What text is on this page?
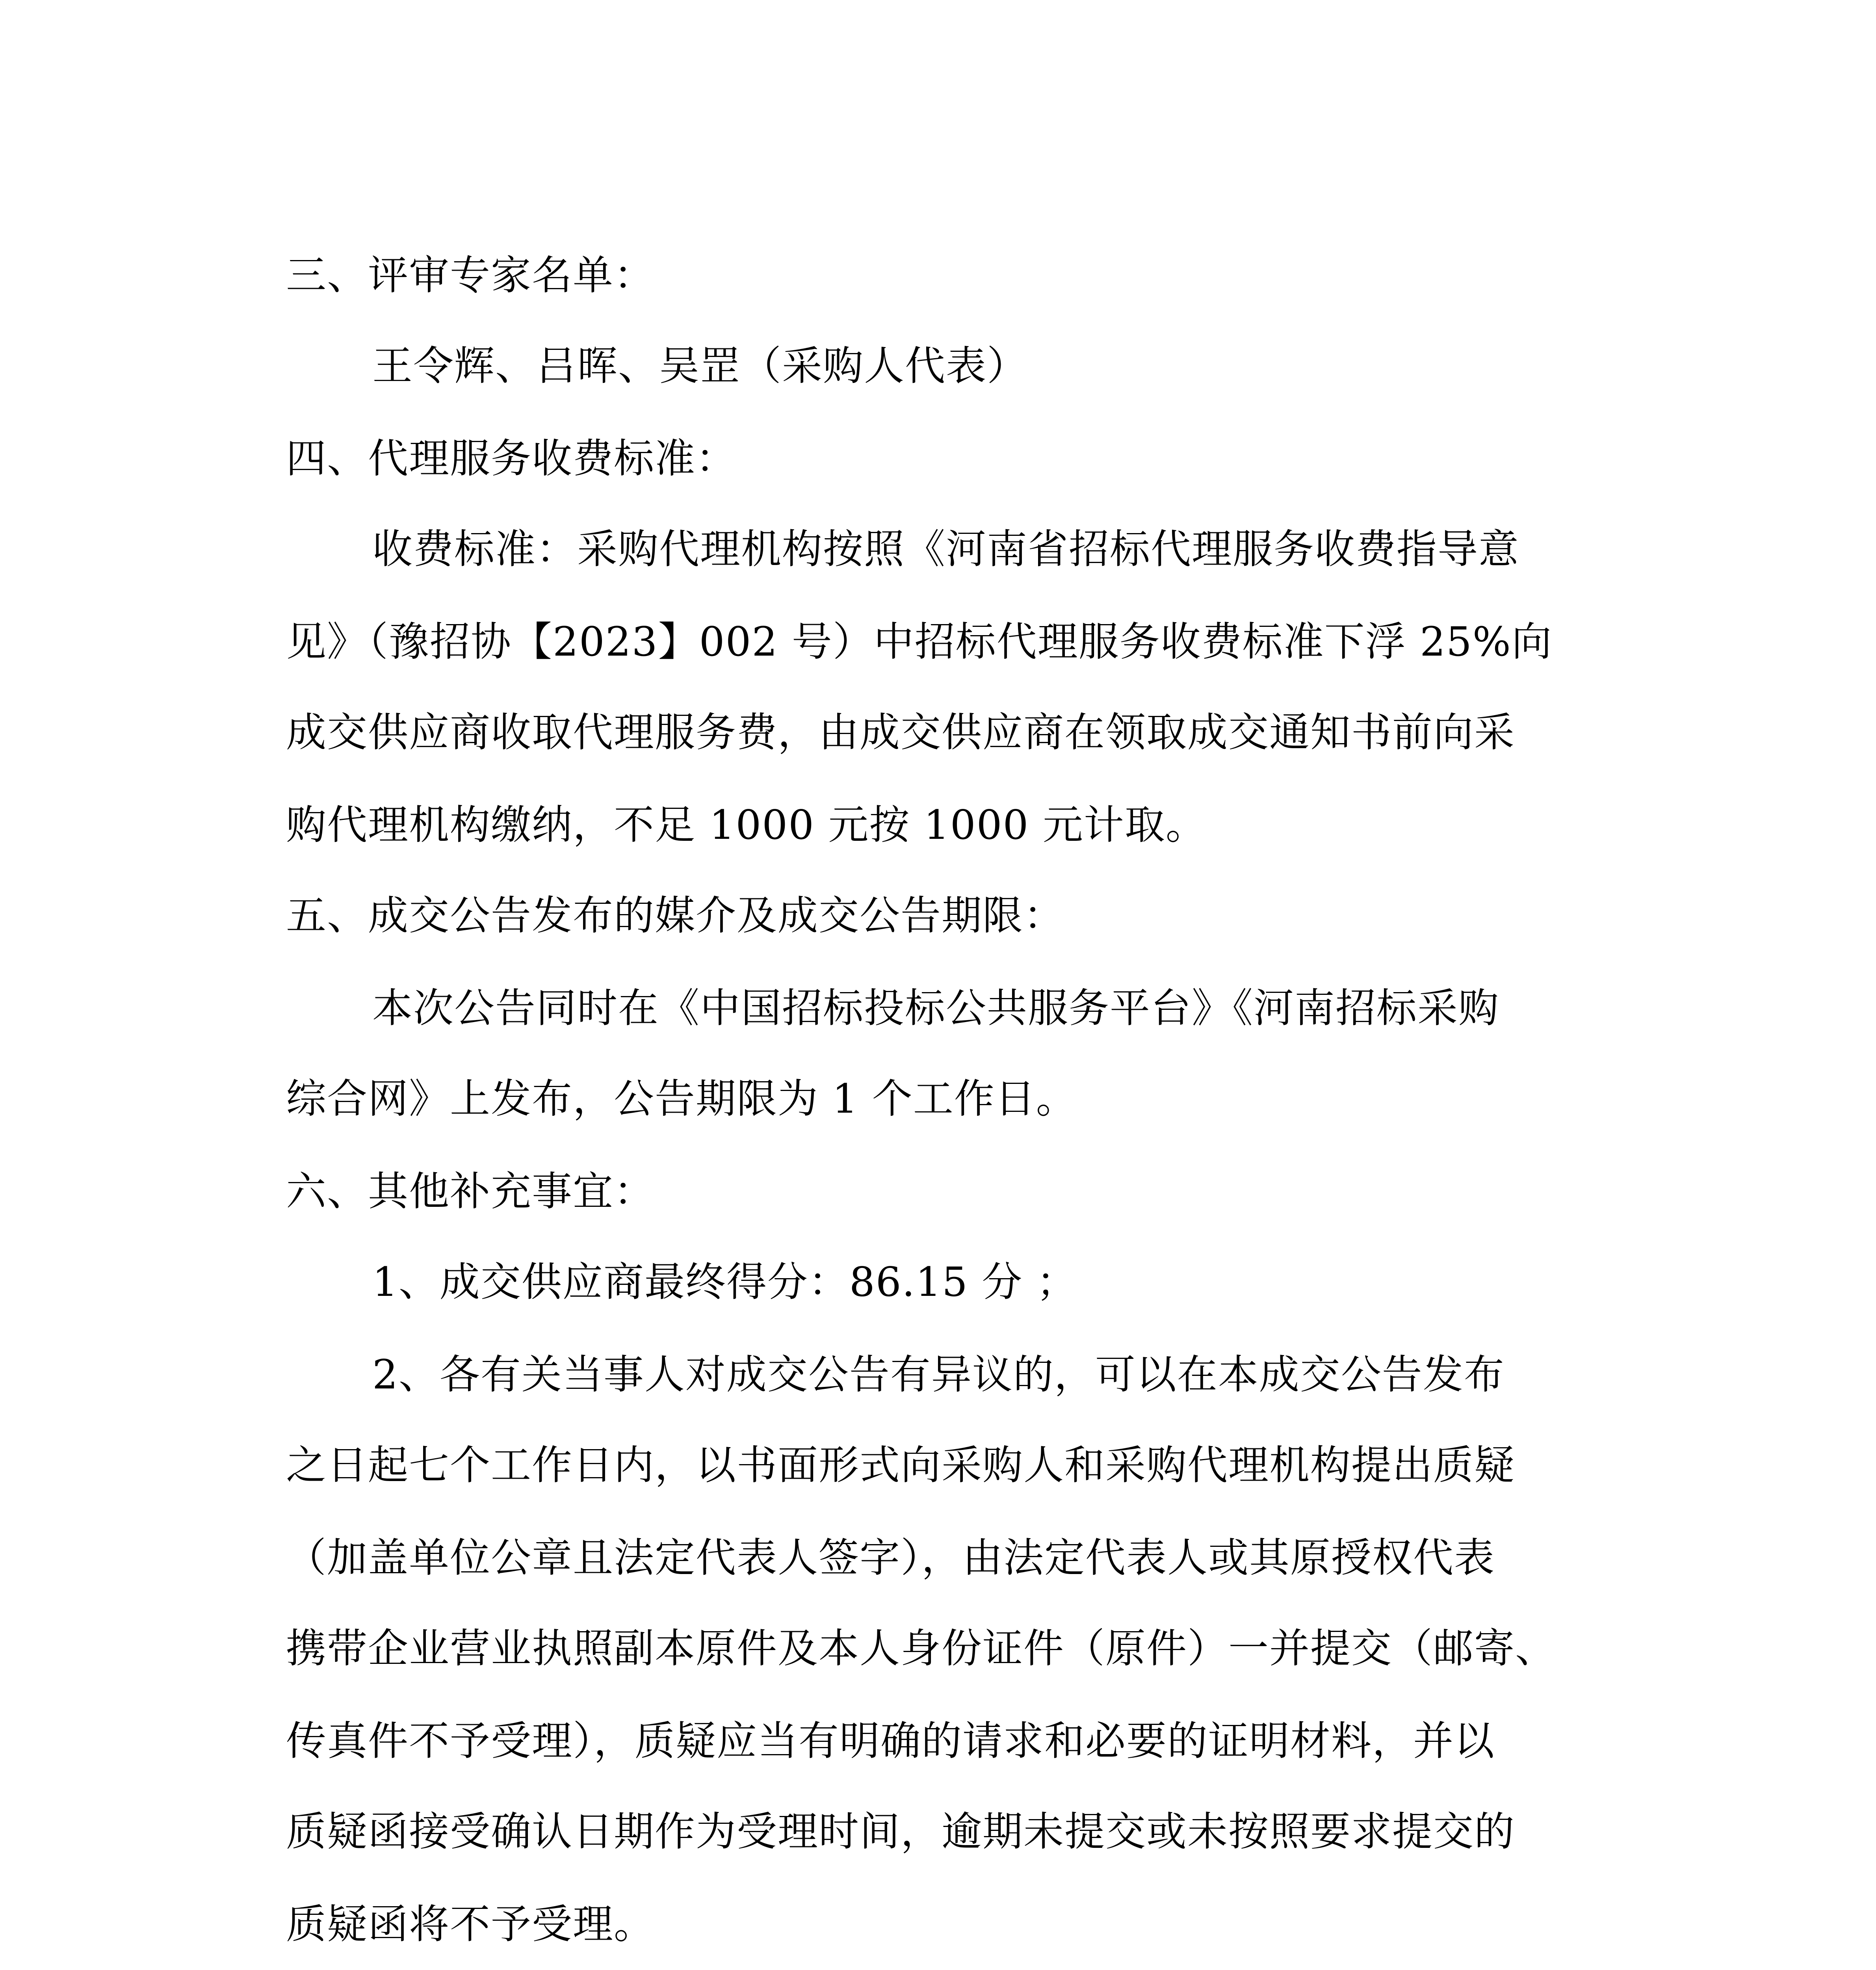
三、评审专家名单：
王令辉、吕晖、吴罡（采购人代表）
四、代理服务收费标准：
收费标准：采购代理机构按照《河南省招标代理服务收费指导意
见》（豫招协【2023】002 号）中招标代理服务收费标准下浮 25%向
成交供应商收取代理服务费，由成交供应商在领取成交通知书前向采
购代理机构缴纳，不足 1000 元按 1000 元计取。
五、成交公告发布的媒介及成交公告期限：
本次公告同时在《中国招标投标公共服务平台》《河南招标采购
综合网》上发布，公告期限为 1 个工作日。
六、其他补充事宜：
1、成交供应商最终得分：86.15 分 ；
2、各有关当事人对成交公告有异议的，可以在本成交公告发布
之日起七个工作日内，以书面形式向采购人和采购代理机构提出质疑
（加盖单位公章且法定代表人签字），由法定代表人或其原授权代表
携带企业营业执照副本原件及本人身份证件（原件）一并提交（邮寄、
传真件不予受理），质疑应当有明确的请求和必要的证明材料，并以
质疑函接受确认日期作为受理时间，逾期未提交或未按照要求提交的
质疑函将不予受理。
